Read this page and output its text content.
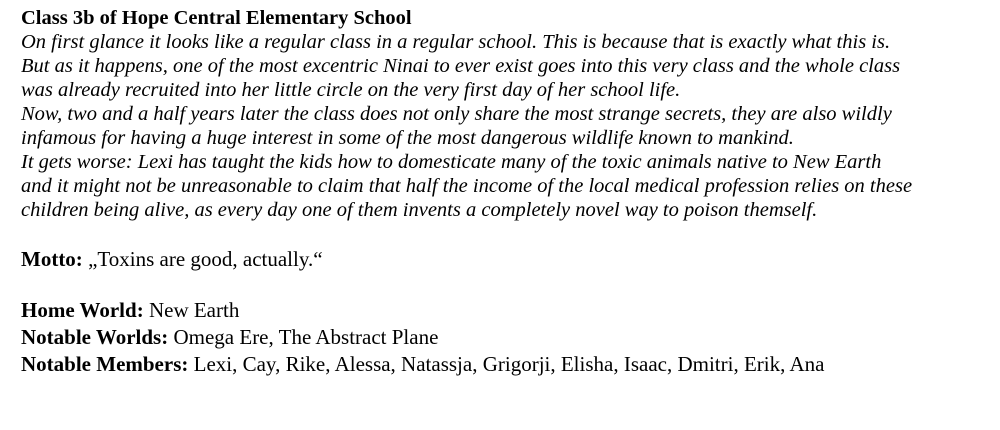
Class 3b of Hope Central Elementary School
On first glance it looks like a regular class in a regular school. This is because that is exactly what this is.
But as it happens, one of the most excentric Ninai to ever exist goes into this very class and the whole class
was already recruited into her little circle on the very first day of her school life.
Now, two and a half years later the class does not only share the most strange secrets, they are also wildly
infamous for having a huge interest in some of the most dangerous wildlife known to mankind.
It gets worse: Lexi has taught the kids how to domesticate many of the toxic animals native to New Earth
and it might not be unreasonable to claim that half the income of the local medical profession relies on these
children being alive, as every day one of them invents a completely novel way to poison themself.
Motto: „Toxins are good, actually.“
Home World: New Earth
Notable Worlds: Omega Ere, The Abstract Plane
Notable Members: Lexi, Cay, Rike, Alessa, Natassja, Grigorji, Elisha, Isaac, Dmitri, Erik, Ana
